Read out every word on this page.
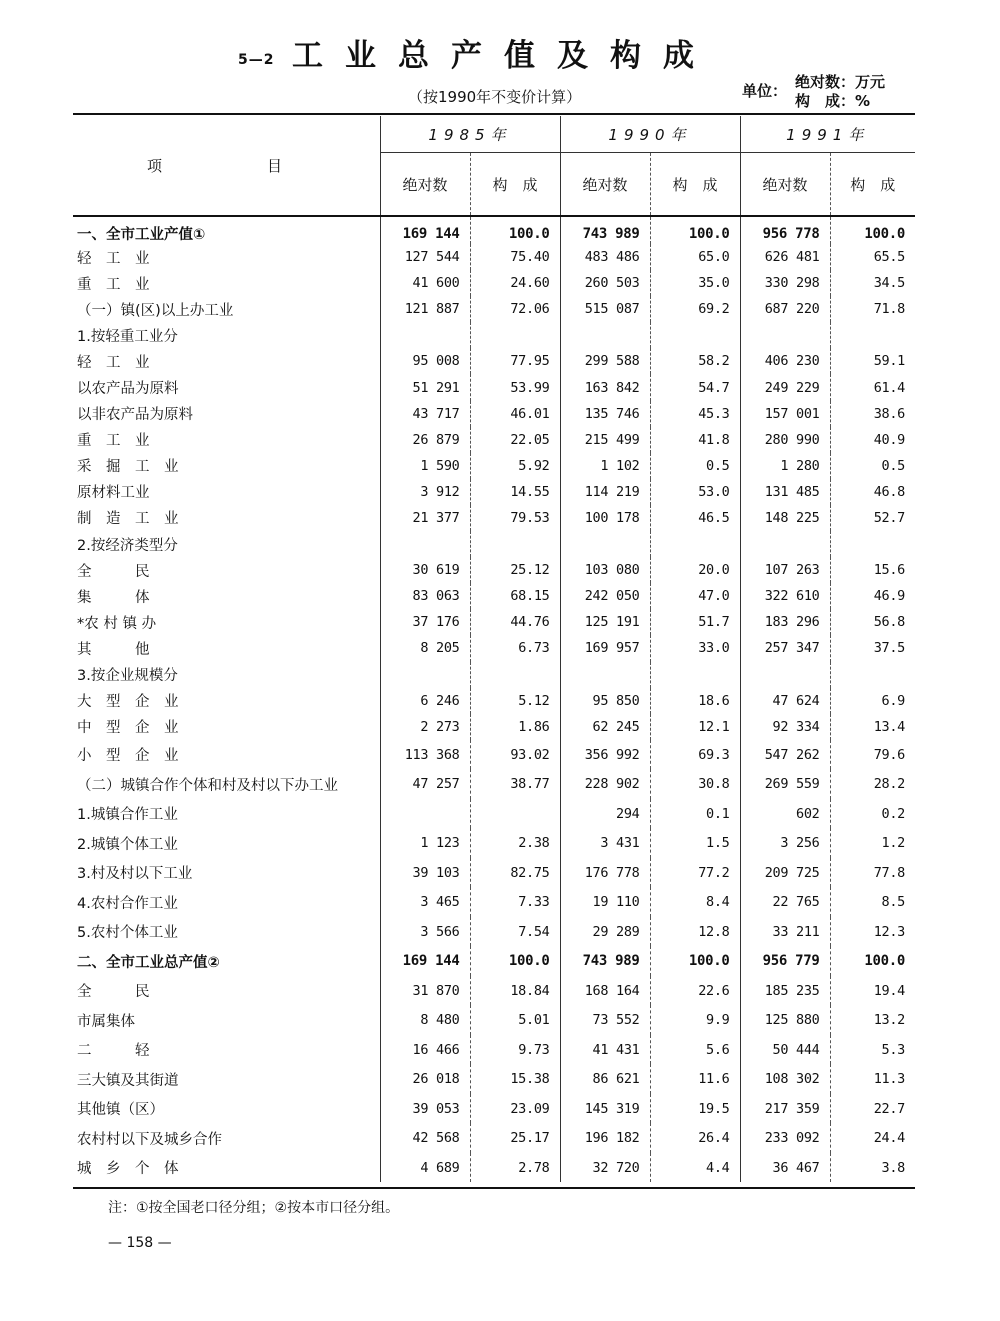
5—2 工业总产值及构成
（按1990年不变价计算）	单位： 绝对数：万元
构　成：%
项　　　　　　　目	1985年		1990年		1991年	
	绝对数	构　成	绝对数	构　成	绝对数	构　成
一、全市工业产值①	169 144	100.0	743 989	100.0	956 778	100.0
轻　工　业	127 544	75.40	483 486	65.0	626 481	65.5
重　工　业	41 600	24.60	260 503	35.0	330 298	34.5
（一）镇(区)以上办工业	121 887	72.06	515 087	69.2	687 220	71.8
1.按轻重工业分						
轻　工　业	95 008	77.95	299 588	58.2	406 230	59.1
以农产品为原料	51 291	53.99	163 842	54.7	249 229	61.4
以非农产品为原料	43 717	46.01	135 746	45.3	157 001	38.6
重　工　业	26 879	22.05	215 499	41.8	280 990	40.9
采　掘　工　业	1 590	5.92	1 102	0.5	1 280	0.5
原材料工业	3 912	14.55	114 219	53.0	131 485	46.8
制　造　工　业	21 377	79.53	100 178	46.5	148 225	52.7
2.按经济类型分						
全　　　民	30 619	25.12	103 080	20.0	107 263	15.6
集　　　体	83 063	68.15	242 050	47.0	322 610	46.9
*农 村 镇 办	37 176	44.76	125 191	51.7	183 296	56.8
其　　　他	8 205	6.73	169 957	33.0	257 347	37.5
3.按企业规模分						
大　型　企　业	6 246	5.12	95 850	18.6	47 624	6.9
中　型　企　业	2 273	1.86	62 245	12.1	92 334	13.4
小　型　企　业	113 368	93.02	356 992	69.3	547 262	79.6
（二）城镇合作个体和村及村以下办工业	47 257	38.77	228 902	30.8	269 559	28.2
1.城镇合作工业			294	0.1	602	0.2
2.城镇个体工业	1 123	2.38	3 431	1.5	3 256	1.2
3.村及村以下工业	39 103	82.75	176 778	77.2	209 725	77.8
4.农村合作工业	3 465	7.33	19 110	8.4	22 765	8.5
5.农村个体工业	3 566	7.54	29 289	12.8	33 211	12.3
二、全市工业总产值②	169 144	100.0	743 989	100.0	956 779	100.0
全　　　民	31 870	18.84	168 164	22.6	185 235	19.4
市属集体	8 480	5.01	73 552	9.9	125 880	13.2
二　　　轻	16 466	9.73	41 431	5.6	50 444	5.3
三大镇及其街道	26 018	15.38	86 621	11.6	108 302	11.3
其他镇（区）	39 053	23.09	145 319	19.5	217 359	22.7
农村村以下及城乡合作	42 568	25.17	196 182	26.4	233 092	24.4
城　乡　个　体	4 689	2.78	32 720	4.4	36 467	3.8
注：①按全国老口径分组；②按本市口径分组。
— 158 —
